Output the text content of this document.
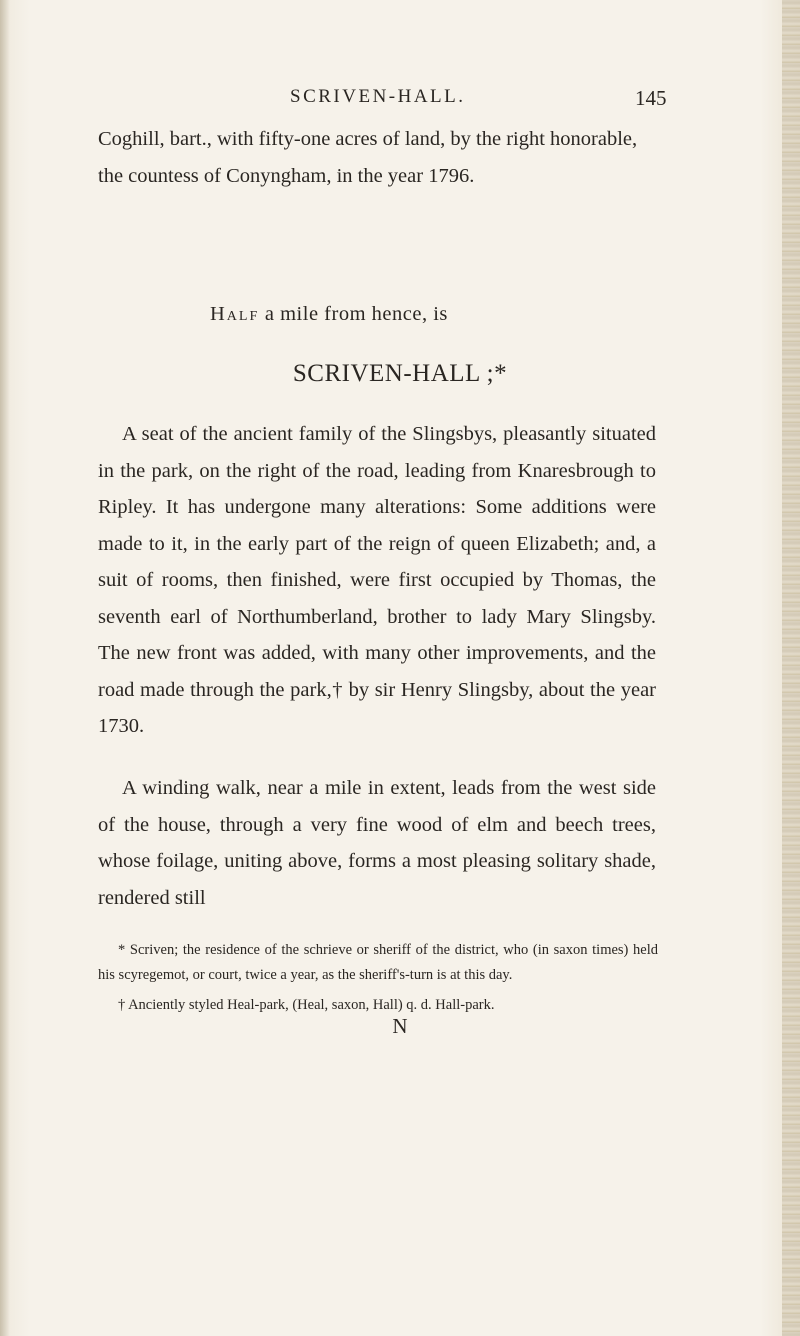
SCRIVEN-HALL.	145
Coghill, bart., with fifty-one acres of land, by the right honorable, the countess of Conyngham, in the year 1796.
Half a mile from hence, is
SCRIVEN-HALL ;*
A seat of the ancient family of the Slingsbys, pleasantly situated in the park, on the right of the road, leading from Knaresbrough to Ripley. It has undergone many alterations: Some additions were made to it, in the early part of the reign of queen Elizabeth; and, a suit of rooms, then finished, were first occupied by Thomas, the seventh earl of Northumberland, brother to lady Mary Slingsby. The new front was added, with many other improvements, and the road made through the park,† by sir Henry Slingsby, about the year 1730.
A winding walk, near a mile in extent, leads from the west side of the house, through a very fine wood of elm and beech trees, whose foilage, uniting above, forms a most pleasing solitary shade, rendered still

* Scriven; the residence of the schrieve or sheriff of the district, who (in saxon times) held his scyregemot, or court, twice a year, as the sheriff's-turn is at this day.

† Anciently styled Heal-park, (Heal, saxon, Hall) q. d. Hall-park.

N
